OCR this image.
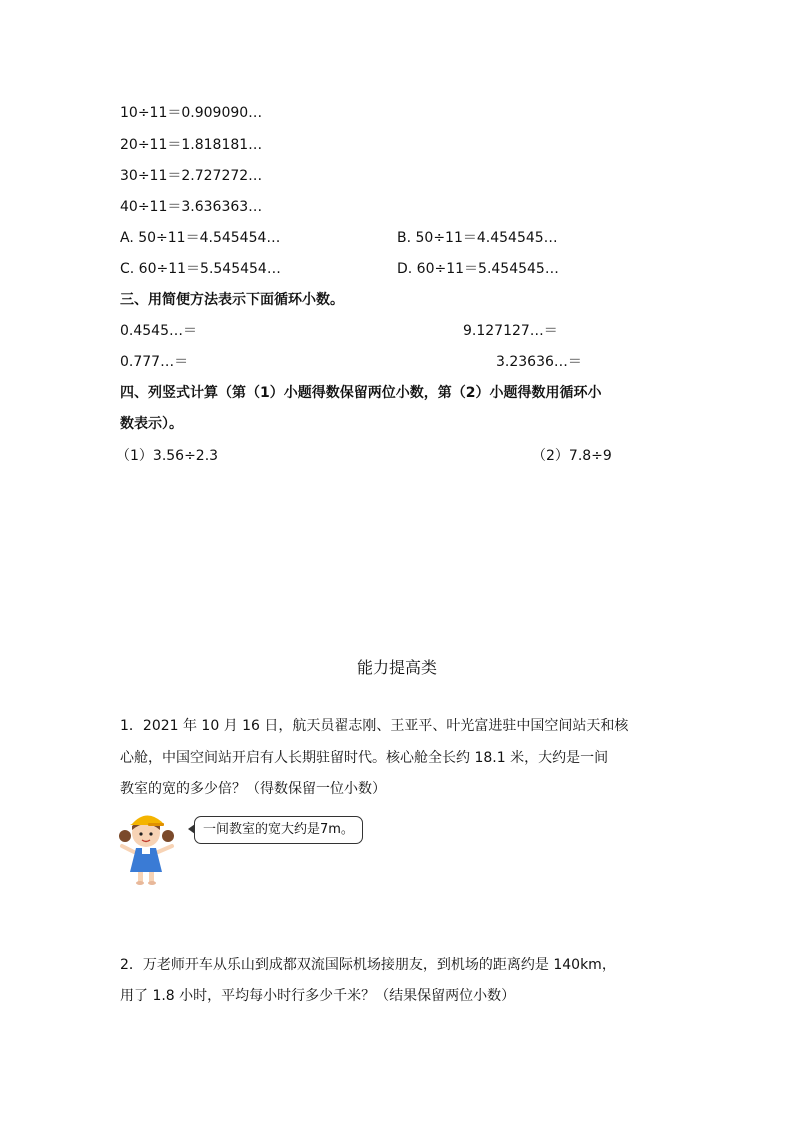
10÷11＝0.909090…
20÷11＝1.818181…
30÷11＝2.727272…
40÷11＝3.636363…
A. 50÷11＝4.545454…	B. 50÷11＝4.454545…
C. 60÷11＝5.545454…	D. 60÷11＝5.454545…
三、用简便方法表示下面循环小数。
0.4545…＝	9.127127…＝
0.777…＝	3.23636…＝
四、列竖式计算（第（1）小题得数保留两位小数，第（2）小题得数用循环小
数表示）。
（1）3.56÷2.3	（2）7.8÷9
能力提高类
1．2021 年 10 月 16 日，航天员翟志刚、王亚平、叶光富进驻中国空间站天和核
心舱，中国空间站开启有人长期驻留时代。核心舱全长约 18.1 米，大约是一间
教室的宽的多少倍？（得数保留一位小数）
一间教室的宽大约是7m。
2．万老师开车从乐山到成都双流国际机场接朋友，到机场的距离约是 140km，
用了 1.8 小时，平均每小时行多少千米？（结果保留两位小数）
